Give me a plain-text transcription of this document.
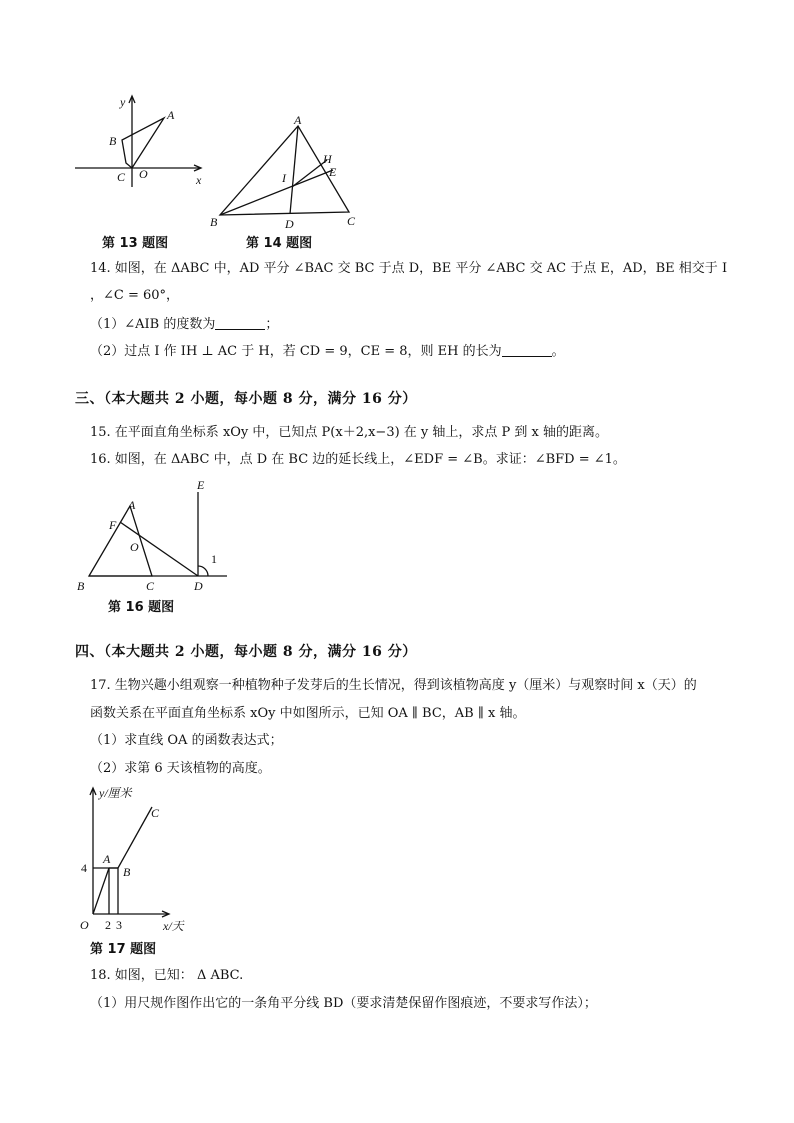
y
x
A
B
C O
第 13 题图
A
B	C
D
E
H
I
第 14 题图
14. 如图，在 ΔABC 中，AD 平分 ∠BAC 交 BC 于点 D，BE 平分 ∠ABC 交 AC 于点 E，AD，BE 相交于 I
，∠C = 60°，
（1）∠AIB 的度数为	；
（2）过点 I 作 IH ⊥ AC 于 H，若 CD = 9，CE = 8，则 EH 的长为	。
三、（本大题共 2 小题，每小题 8 分，满分 16 分）
15. 在平面直角坐标系 xOy 中，已知点 P(x＋2,x−3) 在 y 轴上，求点 P 到 x 轴的距离。
16. 如图，在 ΔABC 中，点 D 在 BC 边的延长线上，∠EDF = ∠B。求证：∠BFD = ∠1。
E
A
F
O
1
B	C	D
第 16 题图
四、（本大题共 2 小题，每小题 8 分，满分 16 分）
17. 生物兴趣小组观察一种植物种子发芽后的生长情况，得到该植物高度 y（厘米）与观察时间 x（天）的
函数关系在平面直角坐标系 xOy 中如图所示，已知 OA ∥ BC，AB ∥ x 轴。
（1）求直线 OA 的函数表达式；
（2）求第 6 天该植物的高度。
y/厘米
C
A
B
4
O 2 3	x/天
第 17 题图
18. 如图，已知： Δ ABC.
（1）用尺规作图作出它的一条角平分线 BD（要求清楚保留作图痕迹，不要求写作法）；
